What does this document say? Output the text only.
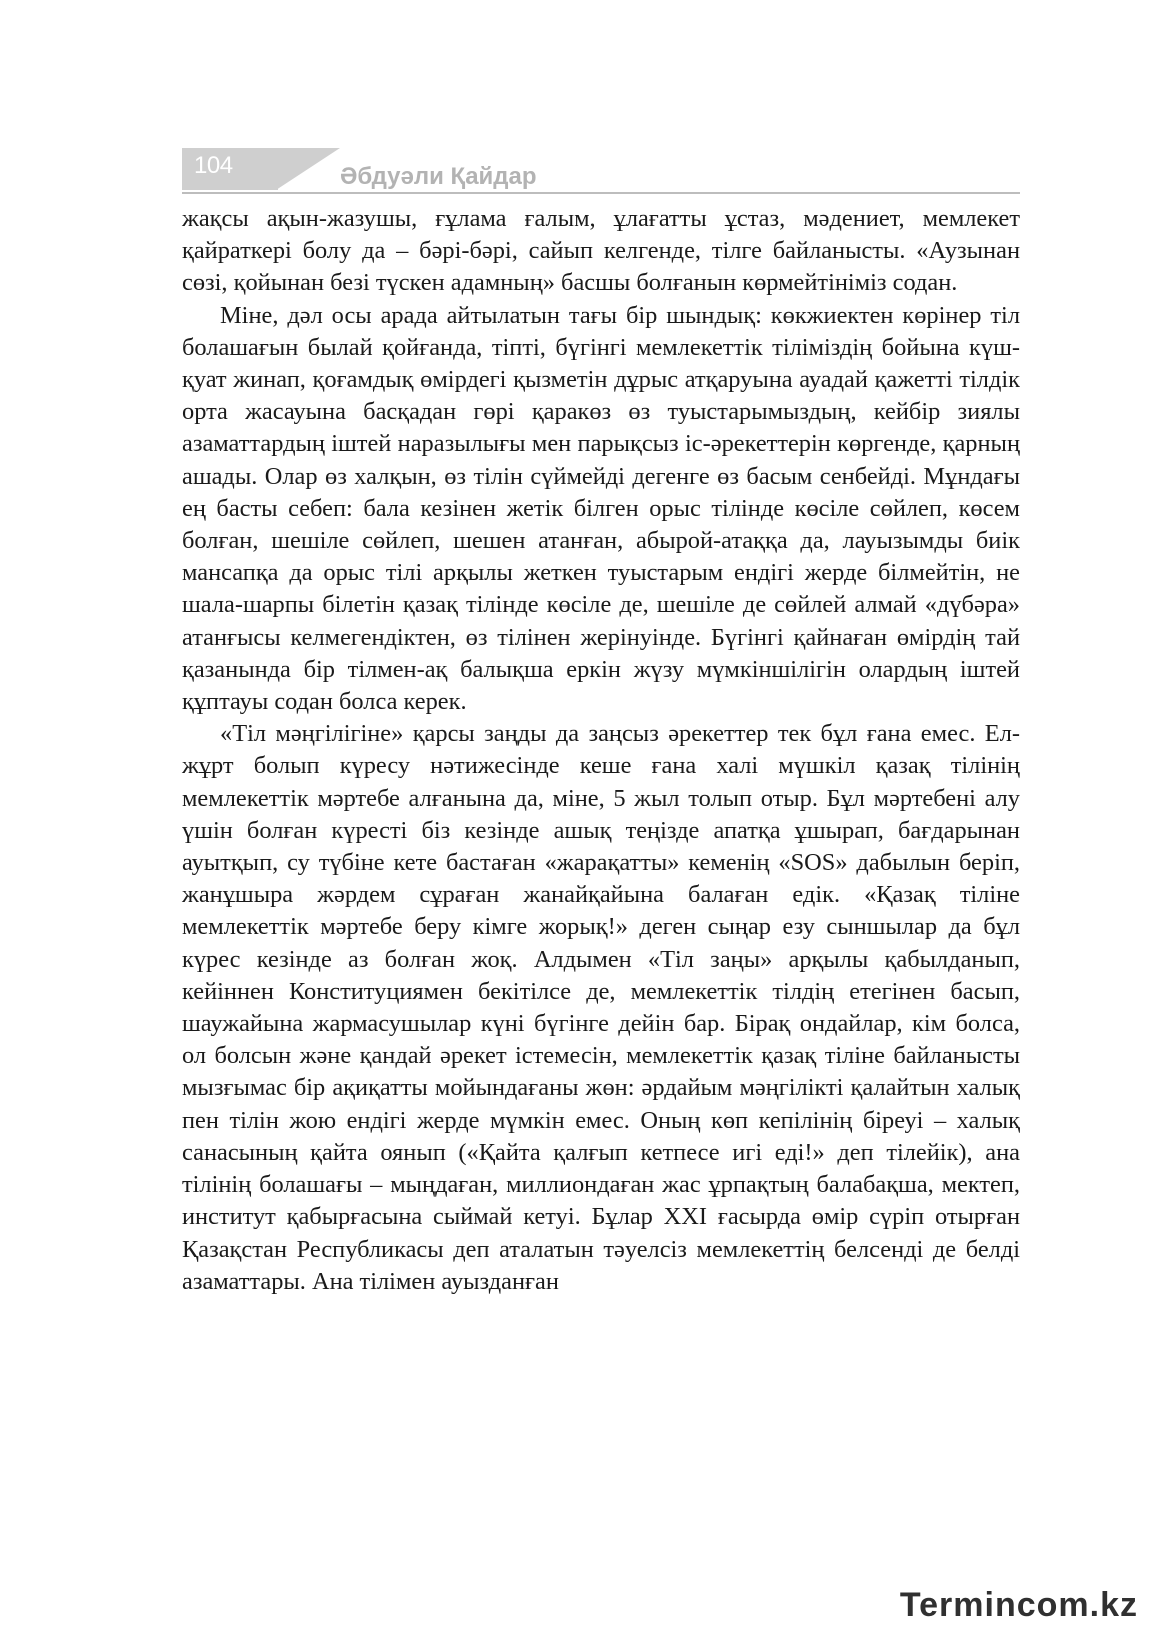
104	Әбдуәли Қайдар

жақсы ақын-жазушы, ғұлама ғалым, ұлағатты ұстаз, мәдениет, мемлекет қайраткері болу да – бәрі-бәрі, сайып келгенде, тілге байланысты. «Аузынан сөзі, қойынан безі түскен адамның» басшы болғанын көрмейтініміз содан.

Міне, дәл осы арада айтылатын тағы бір шындық: көкжиектен көрінер тіл болашағын былай қойғанда, тіпті, бүгінгі мемлекеттік тіліміздің бойына күш-қуат жинап, қоғамдық өмірдегі қызметін дұрыс атқаруына ауадай қажетті тілдік орта жасауына басқадан гөрі қаракөз өз туыстарымыздың, кейбір зиялы азаматтардың іштей наразылығы мен парықсыз іс-әрекеттерін көргенде, қарның ашады. Олар өз халқын, өз тілін сүймейді дегенге өз басым сенбейді. Мұндағы ең басты себеп: бала кезінен жетік білген орыс тілінде көсіле сөйлеп, көсем болған, шешіле сөйлеп, шешен атанған, абырой-атаққа да, лауызымды биік мансапқа да орыс тілі арқылы жеткен туыстарым ендігі жерде білмейтін, не шала-шарпы білетін қазақ тілінде көсіле де, шешіле де сөйлей алмай «дүбәра» атанғысы келмегендіктен, өз тілінен жерінуінде. Бүгінгі қайнаған өмірдің тай қазанында бір тілмен-ақ балықша еркін жүзу мүмкіншілігін олардың іштей құптауы содан болса керек.

«Тіл мәңгілігіне» қарсы заңды да заңсыз әрекеттер тек бұл ғана емес. Ел-жұрт болып күресу нәтижесінде кеше ғана халі мүшкіл қазақ тілінің мемлекеттік мәртебе алғанына да, міне, 5 жыл толып отыр. Бұл мәртебені алу үшін болған күресті біз кезінде ашық теңізде апатқа ұшырап, бағдарынан ауытқып, су түбіне кете бастаған «жарақатты» кеменің «SOS» дабылын беріп, жанұшыра жәрдем сұраған жанайқайына балаған едік. «Қазақ тіліне мемлекеттік мәртебе беру кімге жорық!» деген сыңар езу сыншылар да бұл күрес кезінде аз болған жоқ. Алдымен «Тіл заңы» арқылы қабылданып, кейіннен Конституциямен бекітілсе де, мемлекеттік тілдің етегінен басып, шаужайына жармасушылар күні бүгінге дейін бар. Бірақ ондайлар, кім болса, ол болсын және қандай әрекет істемесін, мемлекеттік қазақ тіліне байланысты мызғымас бір ақиқатты мойындағаны жөн: әрдайым мәңгілікті қалайтын халық пен тілін жою ендігі жерде мүмкін емес. Оның көп кепілінің біреуі – халық санасының қайта оянып («Қайта қалғып кетпесе игі еді!» деп тілейік), ана тілінің болашағы – мыңдаған, миллиондаған жас ұрпақтың балабақша, мектеп, институт қабырғасына сыймай кетуі. Бұлар XXI ғасырда өмір сүріп отырған Қазақстан Республикасы деп аталатын тәуелсіз мемлекеттің белсенді де белді азаматтары. Ана тілімен ауызданған

Termincom.kz
